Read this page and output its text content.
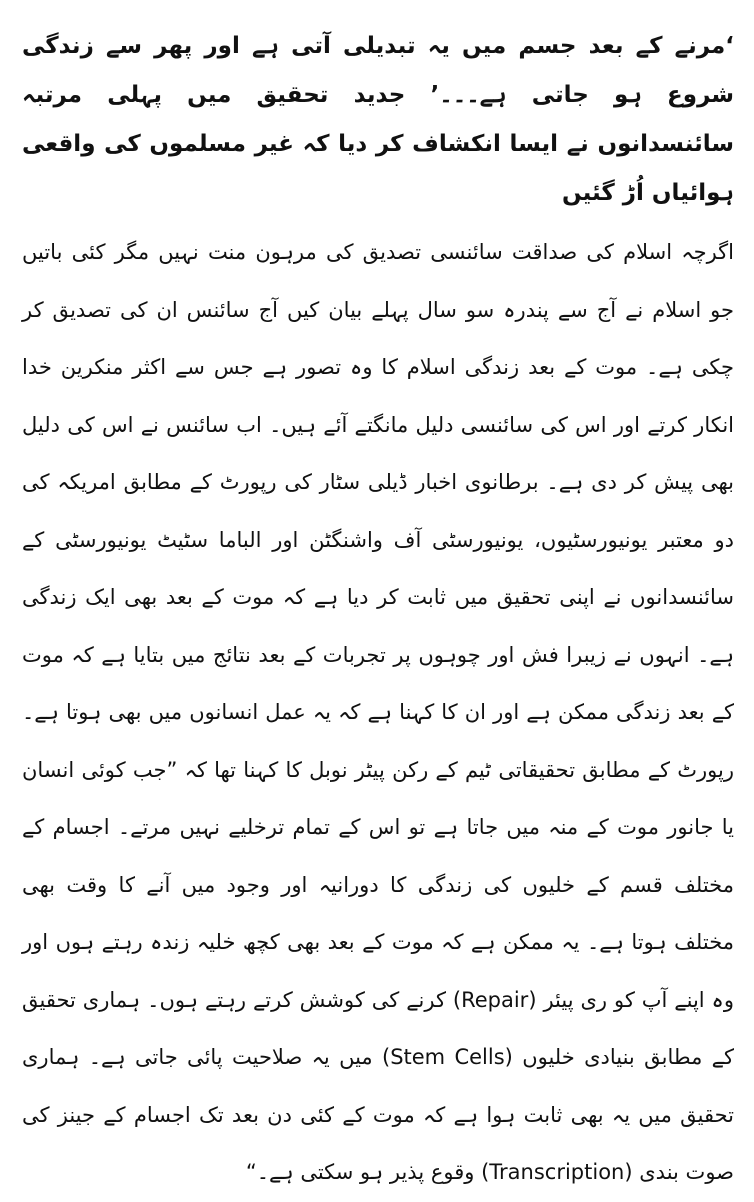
‘مرنے کے بعد جسم میں یہ تبدیلی آتی ہے اور پھر سے زندگی شروع ہو جاتی ہے۔۔۔’ جدید تحقیق میں پہلی مرتبہ سائنسدانوں نے ایسا انکشاف کر دیا کہ غیر مسلموں کی واقعی ہوائیاں اُڑ گئیں

اگرچہ اسلام کی صداقت سائنسی تصدیق کی مرہون منت نہیں مگر کئی باتیں جو اسلام نے آج سے پندرہ سو سال پہلے بیان کیں آج سائنس ان کی تصدیق کر چکی ہے۔ موت کے بعد زندگی اسلام کا وہ تصور ہے جس سے اکثر منکرین خدا انکار کرتے اور اس کی سائنسی دلیل مانگتے آئے ہیں۔ اب سائنس نے اس کی دلیل بھی پیش کر دی ہے۔ برطانوی اخبار ڈیلی سٹار کی رپورٹ کے مطابق امریکہ کی دو معتبر یونیورسٹیوں، یونیورسٹی آف واشنگٹن اور الباما سٹیٹ یونیورسٹی کے سائنسدانوں نے اپنی تحقیق میں ثابت کر دیا ہے کہ موت کے بعد بھی ایک زندگی ہے۔ انہوں نے زیبرا فش اور چوہوں پر تجربات کے بعد نتائج میں بتایا ہے کہ موت کے بعد زندگی ممکن ہے اور ان کا کہنا ہے کہ یہ عمل انسانوں میں بھی ہوتا ہے۔ رپورٹ کے مطابق تحقیقاتی ٹیم کے رکن پیٹر نوبل کا کہنا تھا کہ ”جب کوئی انسان یا جانور موت کے منہ میں جاتا ہے تو اس کے تمام ترخلیے نہیں مرتے۔ اجسام کے مختلف قسم کے خلیوں کی زندگی کا دورانیہ اور وجود میں آنے کا وقت بھی مختلف ہوتا ہے۔ یہ ممکن ہے کہ موت کے بعد بھی کچھ خلیہ زندہ رہتے ہوں اور وہ اپنے آپ کو ری پیئر (Repair) کرنے کی کوشش کرتے رہتے ہوں۔ ہماری تحقیق کے مطابق بنیادی خلیوں (Stem Cells) میں یہ صلاحیت پائی جاتی ہے۔ ہماری تحقیق میں یہ بھی ثابت ہوا ہے کہ موت کے کئی دن بعد تک اجسام کے جینز کی صوت بندی (Transcription) وقوع پذیر ہو سکتی ہے۔“
